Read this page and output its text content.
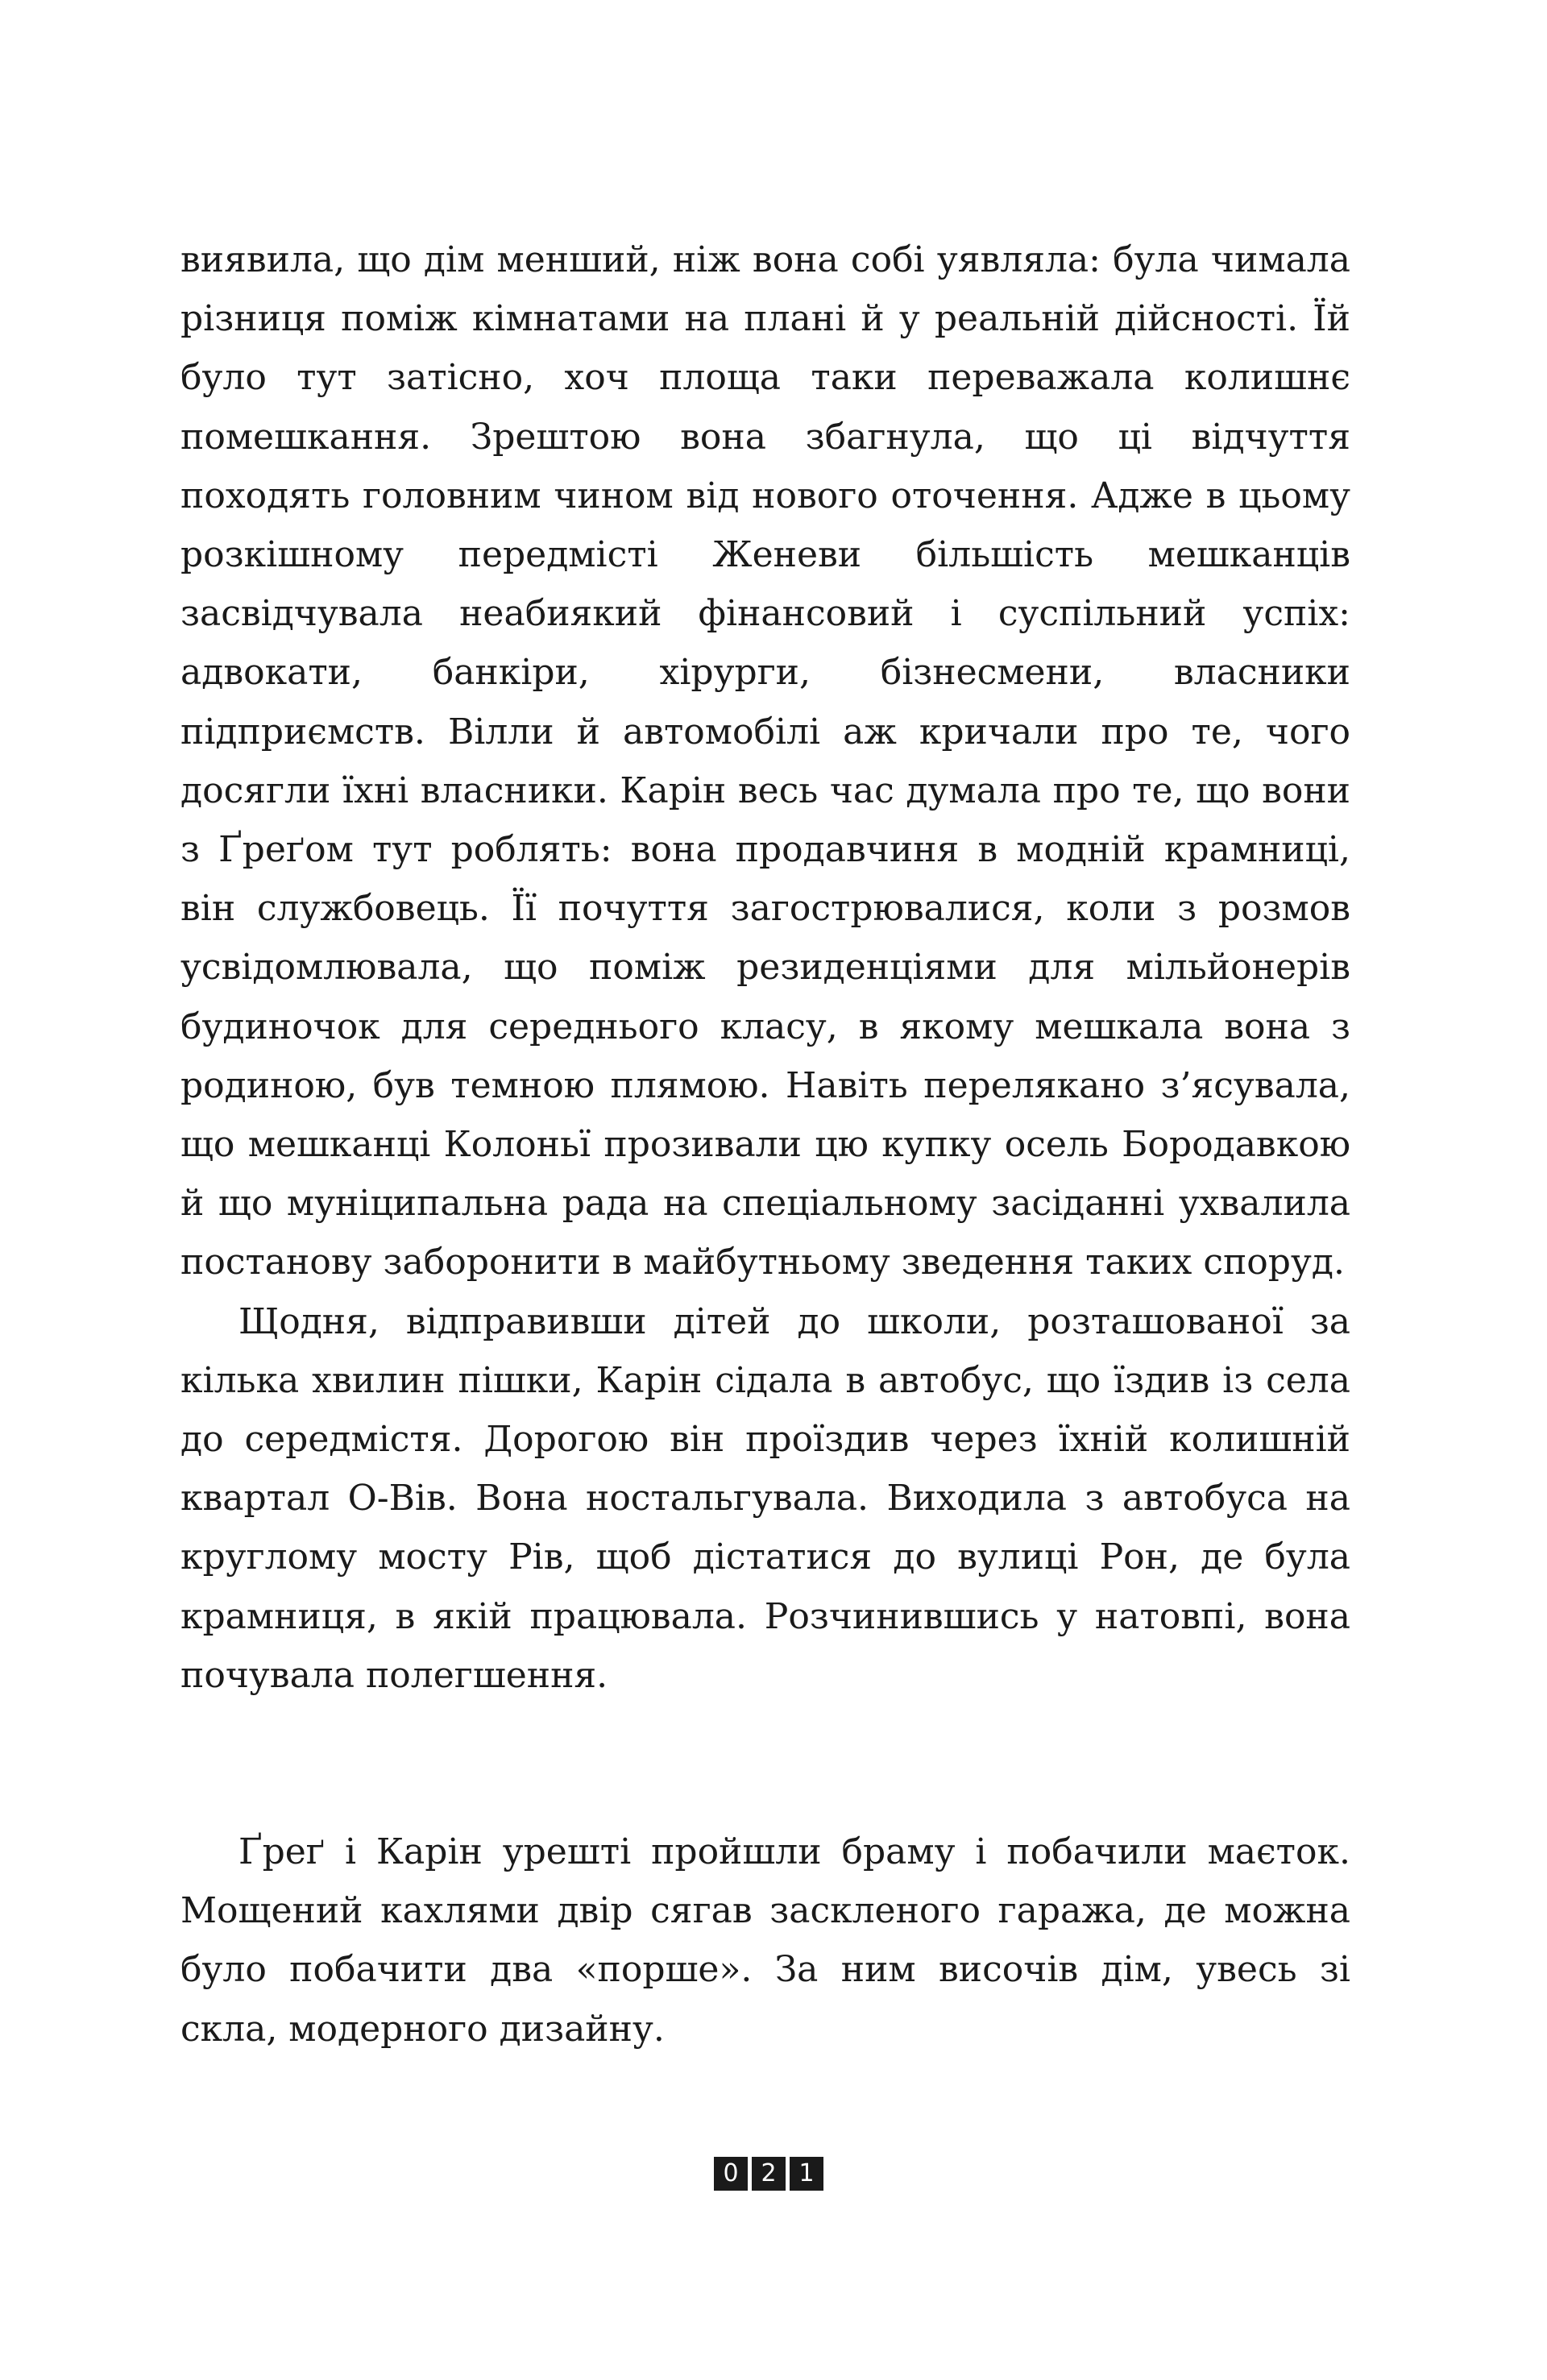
виявила, що дім менший, ніж вона собі уявляла: була чимала різниця поміж кімнатами на плані й у реальній дійсності. Їй було тут затісно, хоч площа таки переважала колишнє помешкання. Зрештою вона збагнула, що ці відчуття походять головним чином від нового оточення. Адже в цьому розкішному передмісті Женеви більшість мешканців засвідчувала неабиякий фінансовий і суспільний успіх: адвокати, банкіри, хірурги, бізнесмени, власники підприємств. Вілли й автомобілі аж кричали про те, чого досягли їхні власники. Карін весь час думала про те, що вони з Ґреґом тут роблять: вона продавчиня в модній крамниці, він службовець. Її почуття загострювалися, коли з розмов усвідомлювала, що поміж резиденціями для мільйонерів будиночок для середнього класу, в якому мешкала вона з родиною, був темною плямою. Навіть перелякано з’ясувала, що мешканці Колоньї прозивали цю купку осель Бородавкою й що муніципальна рада на спеціальному засіданні ухвалила постанову заборонити в майбутньому зведення таких споруд.

Щодня, відправивши дітей до школи, розташованої за кілька хвилин пішки, Карін сідала в автобус, що їздив із села до середмістя. Дорогою він проїздив через їхній колишній квартал О-Вів. Вона ностальгувала. Виходила з автобуса на круглому мосту Рів, щоб дістатися до вулиці Рон, де була крамниця, в якій працювала. Розчинившись у натовпі, вона почувала полегшення.

Ґреґ і Карін урешті пройшли браму і побачили маєток. Мощений кахлями двір сягав заскленого гаража, де можна було побачити два «порше». За ним височів дім, увесь зі скла, модерного дизайну.

0 2 1
